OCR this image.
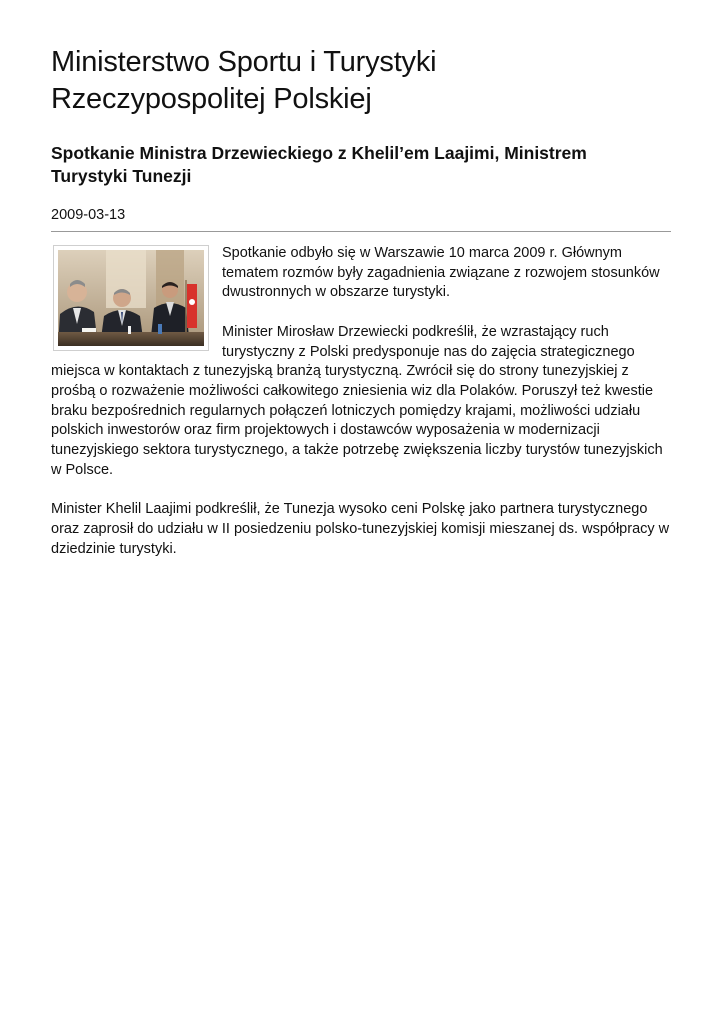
Ministerstwo Sportu i Turystyki
Rzeczypospolitej Polskiej
Spotkanie Ministra Drzewieckiego z Khelil’em Laajimi, Ministrem
Turystyki Tunezji
2009-03-13

Spotkanie odbyło się w Warszawie 10 marca 2009 r. Głównym tematem rozmów były zagadnienia związane z rozwojem stosunków dwustronnych w obszarze turystyki.

Minister Mirosław Drzewiecki podkreślił, że wzrastający ruch turystyczny z Polski predysponuje nas do zajęcia strategicznego miejsca w kontaktach z tunezyjską branżą turystyczną. Zwrócił się do strony tunezyjskiej z prośbą o rozważenie możliwości całkowitego zniesienia wiz dla Polaków. Poruszył też kwestie braku bezpośrednich regularnych połączeń lotniczych pomiędzy krajami, możliwości udziału polskich inwestorów oraz firm projektowych i dostawców wyposażenia w modernizacji tunezyjskiego sektora turystycznego, a także potrzebę zwiększenia liczby turystów tunezyjskich w Polsce.

Minister Khelil Laajimi podkreślił, że Tunezja wysoko ceni Polskę jako partnera turystycznego oraz zaprosił do udziału w II posiedzeniu polsko-tunezyjskiej komisji mieszanej ds. współpracy w dziedzinie turystyki.
